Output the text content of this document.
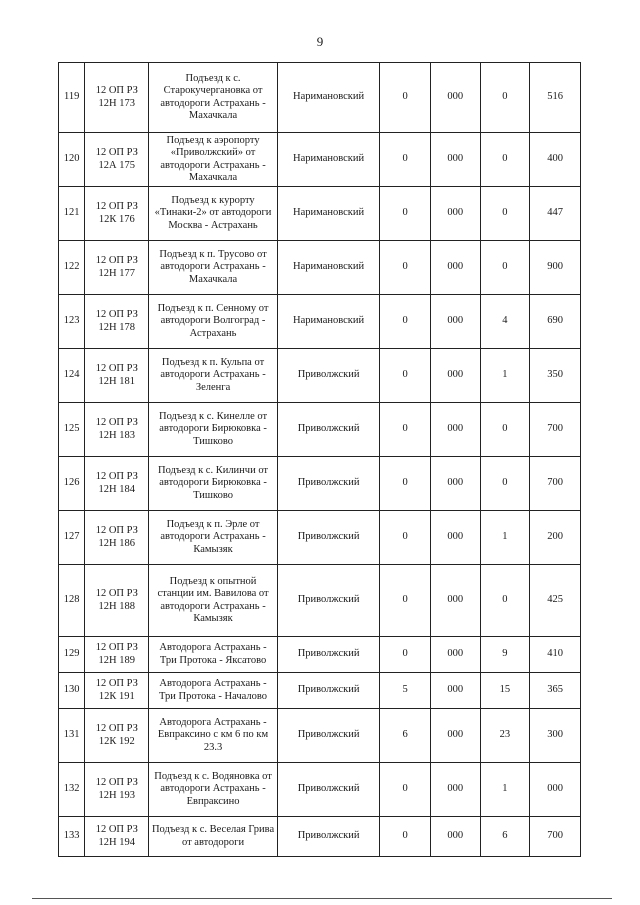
9
119	12 ОП РЗ 12Н 173	Подъезд к с. Старокучергановка от автодороги Астрахань - Махачкала	Наримановский	0	000	0	516
120	12 ОП РЗ 12А 175	Подъезд к аэропорту «Приволжский» от автодороги Астрахань - Махачкала	Наримановский	0	000	0	400
121	12 ОП РЗ 12К 176	Подъезд к курорту «Тинаки-2» от автодороги Москва - Астрахань	Наримановский	0	000	0	447
122	12 ОП РЗ 12Н 177	Подъезд к п. Трусово от автодороги Астрахань - Махачкала	Наримановский	0	000	0	900
123	12 ОП РЗ 12Н 178	Подъезд к п. Сенному от автодороги Волгоград - Астрахань	Наримановский	0	000	4	690
124	12 ОП РЗ 12Н 181	Подъезд к п. Кульпа от автодороги Астрахань - Зеленга	Приволжский	0	000	1	350
125	12 ОП РЗ 12Н 183	Подъезд к с. Кинелле от автодороги Бирюковка - Тишково	Приволжский	0	000	0	700
126	12 ОП РЗ 12Н 184	Подъезд к с. Килинчи от автодороги Бирюковка - Тишково	Приволжский	0	000	0	700
127	12 ОП РЗ 12Н 186	Подъезд к п. Эрле от автодороги Астрахань - Камызяк	Приволжский	0	000	1	200
128	12 ОП РЗ 12Н 188	Подъезд к опытной станции им. Вавилова от автодороги Астрахань - Камызяк	Приволжский	0	000	0	425
129	12 ОП РЗ 12Н 189	Автодорога Астрахань - Три Протока - Яксатово	Приволжский	0	000	9	410
130	12 ОП РЗ 12К 191	Автодорога Астрахань - Три Протока - Началово	Приволжский	5	000	15	365
131	12 ОП РЗ 12К 192	Автодорога Астрахань - Евпраксино с км 6 по км 23.3	Приволжский	6	000	23	300
132	12 ОП РЗ 12Н 193	Подъезд к с. Водяновка от автодороги Астрахань - Евпраксино	Приволжский	0	000	1	000
133	12 ОП РЗ 12Н 194	Подъезд к с. Веселая Грива от автодороги	Приволжский	0	000	6	700
